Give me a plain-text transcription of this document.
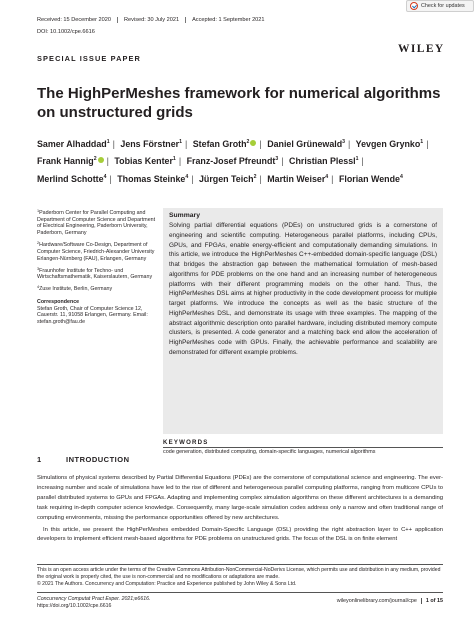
Received: 15 December 2020	Revised: 30 July 2021	Accepted: 1 September 2021
DOI: 10.1002/cpe.6616
Check for updates
SPECIAL ISSUE PAPER
WILEY
The HighPerMeshes framework for numerical algorithms on unstructured grids
Samer Alhaddad$^1$ | Jens Förstner$^1$ | Stefan Groth$^2$ | Daniel Grünewald$^3$ | Yevgen Grynko$^1$ | Frank Hannig$^2$ | Tobias Kenter$^1$ | Franz-Josef Pfreundt$^3$ | Christian Plessl$^1$ | Merlind Schotte$^4$ | Thomas Steinke$^4$ | Jürgen Teich$^2$ | Martin Weiser$^4$ | Florian Wende$^4$
$^1$Paderborn Center for Parallel Computing and Department of Computer Science and Department of Electrical Engineering, Paderborn University, Paderborn, Germany
$^2$Hardware/Software Co-Design, Department of Computer Science, Friedrich-Alexander University Erlangen-Nürnberg (FAU), Erlangen, Germany
$^3$Fraunhofer Institute for Techno- und Wirtschaftsmathematik, Kaiserslautern, Germany
$^4$Zuse Institute, Berlin, Germany
Correspondence
Stefan Groth, Chair of Computer Science 12, Cauerstr. 11, 91058 Erlangen, Germany. Email: stefan.groth@fau.de
Summary
Solving partial differential equations (PDEs) on unstructured grids is a cornerstone of engineering and scientific computing. Heterogeneous parallel platforms, including CPUs, GPUs, and FPGAs, enable energy-efficient and computationally demanding simulations. In this article, we introduce the HighPerMeshes C++-embedded domain-specific language (DSL) that bridges the abstraction gap between the mathematical formulation of mesh-based algorithms for PDE problems on the one hand and an increasing number of heterogeneous platforms with their different programming models on the other hand. Thus, the HighPerMeshes DSL aims at higher productivity in the code development process for multiple target platforms. We introduce the concepts as well as the basic structure of the HighPerMeshes DSL, and demonstrate its usage with three examples. The mapping of the abstract algorithmic description onto parallel hardware, including distributed memory compute clusters, is presented. A code generator and a matching back end allow the acceleration of HighPerMeshes code with GPUs. Finally, the achievable performance and scalability are demonstrated for different example problems.
KEYWORDS
code generation, distributed computing, domain-specific languages, numerical algorithms
1	INTRODUCTION

Simulations of physical systems described by Partial Differential Equations (PDEs) are the cornerstone of computational science and engineering. The ever-increasing number and scale of simulations have led to the rise of different and heterogeneous parallel computing platforms, ranging from multicore CPUs to parallel distributed systems to GPUs and FPGAs. Adapting and implementing complex simulation algorithms on these different architectures is a demanding task requiring in-depth computer science knowledge. Consequently, many large-scale simulation codes address only a narrow and often traditional range of computing environments, missing the performance opportunities offered by new architectures.

In this article, we present the HighPerMeshes embedded Domain-Specific Language (DSL) providing the right abstraction layer to C++ application developers to implement efficient mesh-based algorithms for PDE problems on unstructured grids. The focus of the DSL is on finite element

This is an open access article under the terms of the Creative Commons Attribution-NonCommercial-NoDerivs License, which permits use and distribution in any medium, provided the original work is properly cited, the use is non-commercial and no modifications or adaptations are made.
© 2021 The Authors. Concurrency and Computation: Practice and Experience published by John Wiley & Sons Ltd.
Concurrency Computat Pract Exper. 2021;e6616.
https://doi.org/10.1002/cpe.6616
wileyonlinelibrary.com/journal/cpe	1 of 15
